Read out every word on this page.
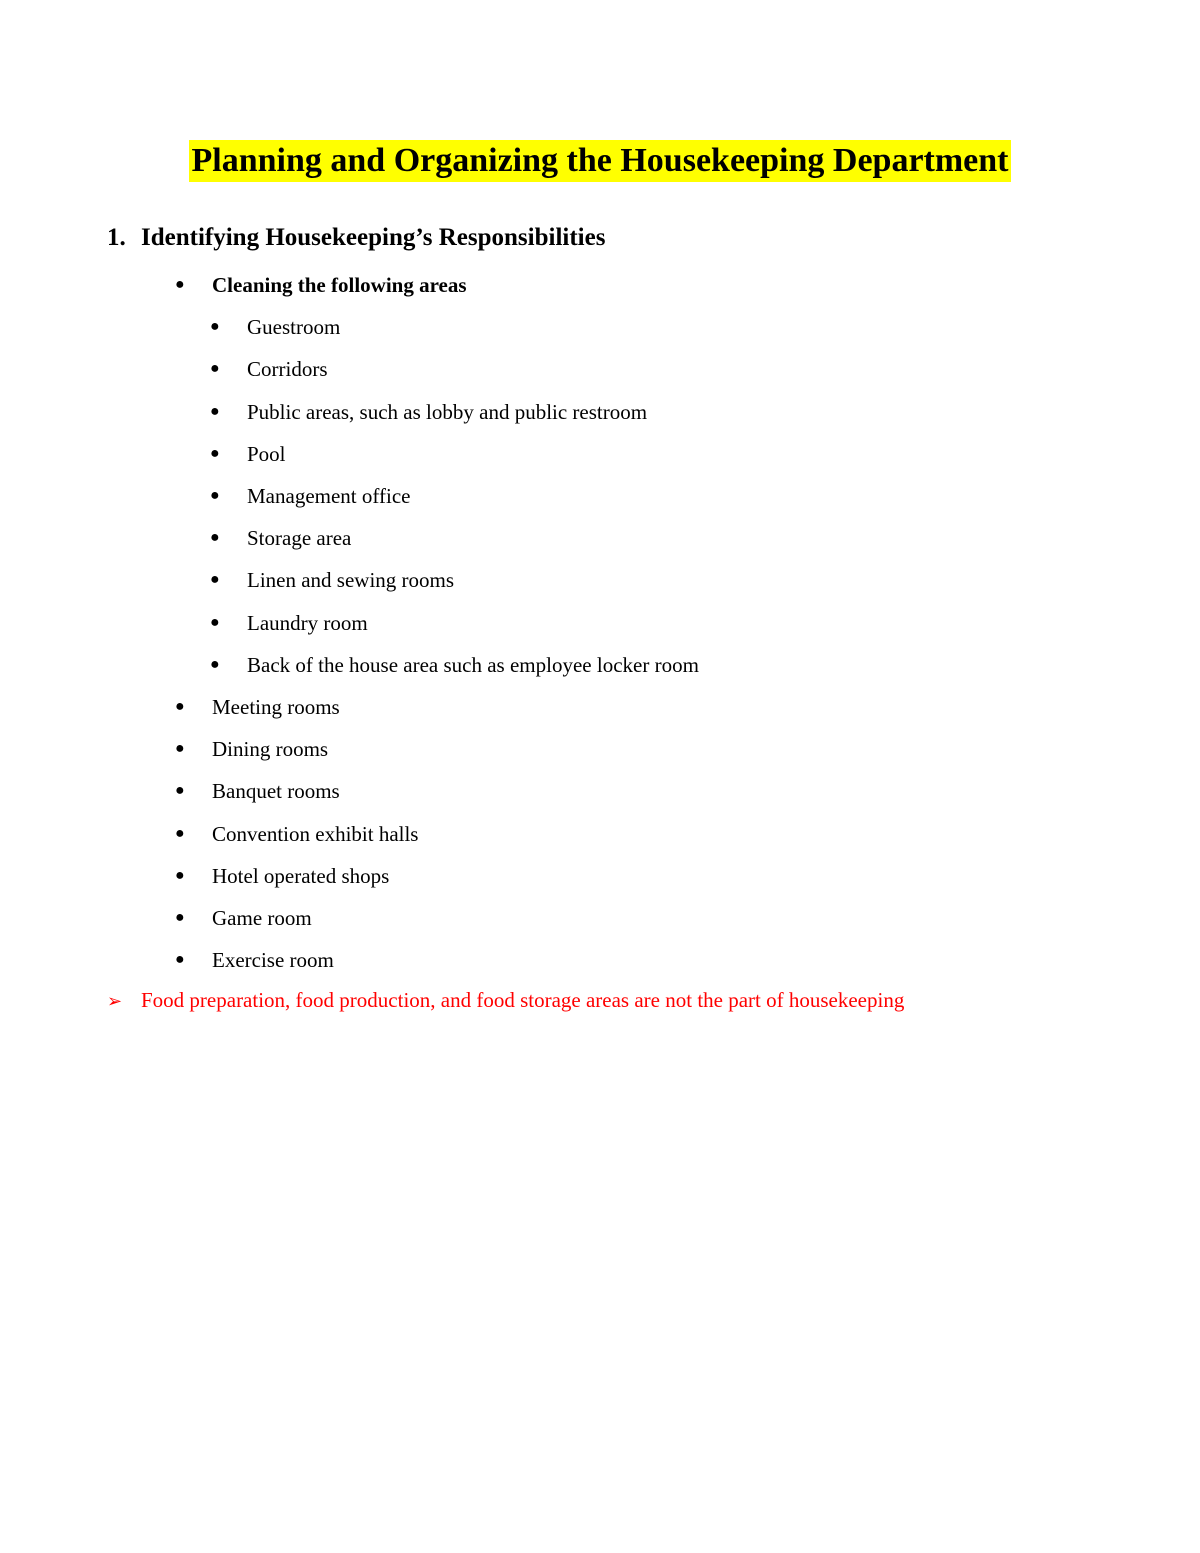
Planning and Organizing the Housekeeping Department
1. Identifying Housekeeping’s Responsibilities
● Cleaning the following areas
● Guestroom
● Corridors
● Public areas, such as lobby and public restroom
● Pool
● Management office
● Storage area
● Linen and sewing rooms
● Laundry room
● Back of the house area such as employee locker room
● Meeting rooms
● Dining rooms
● Banquet rooms
● Convention exhibit halls
● Hotel operated shops
● Game room
● Exercise room
➢ Food preparation, food production, and food storage areas are not the part of housekeeping
